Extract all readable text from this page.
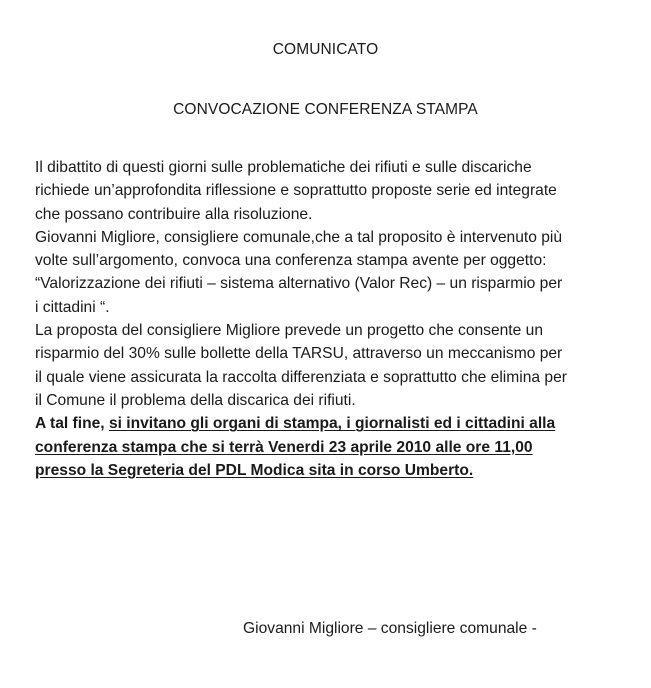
COMUNICATO
CONVOCAZIONE CONFERENZA STAMPA
Il dibattito di questi giorni sulle problematiche dei rifiuti e sulle discariche
richiede un’approfondita riflessione e soprattutto proposte serie ed integrate
che possano contribuire alla risoluzione.
Giovanni Migliore, consigliere comunale,che a tal proposito è intervenuto più
volte sull’argomento, convoca una conferenza stampa avente per oggetto:
“Valorizzazione dei rifiuti – sistema alternativo (Valor Rec) – un risparmio per
i cittadini “.
La proposta del consigliere Migliore prevede un progetto che consente un
risparmio del 30% sulle bollette della TARSU, attraverso un meccanismo per
il quale viene assicurata la raccolta differenziata e soprattutto che elimina per
il Comune il problema della discarica dei rifiuti.
A tal fine, si invitano gli organi di stampa, i giornalisti ed i cittadini alla
conferenza stampa che si terrà Venerdi 23 aprile 2010 alle ore 11,00
presso la Segreteria del PDL Modica sita in corso Umberto.
Giovanni Migliore – consigliere comunale -
